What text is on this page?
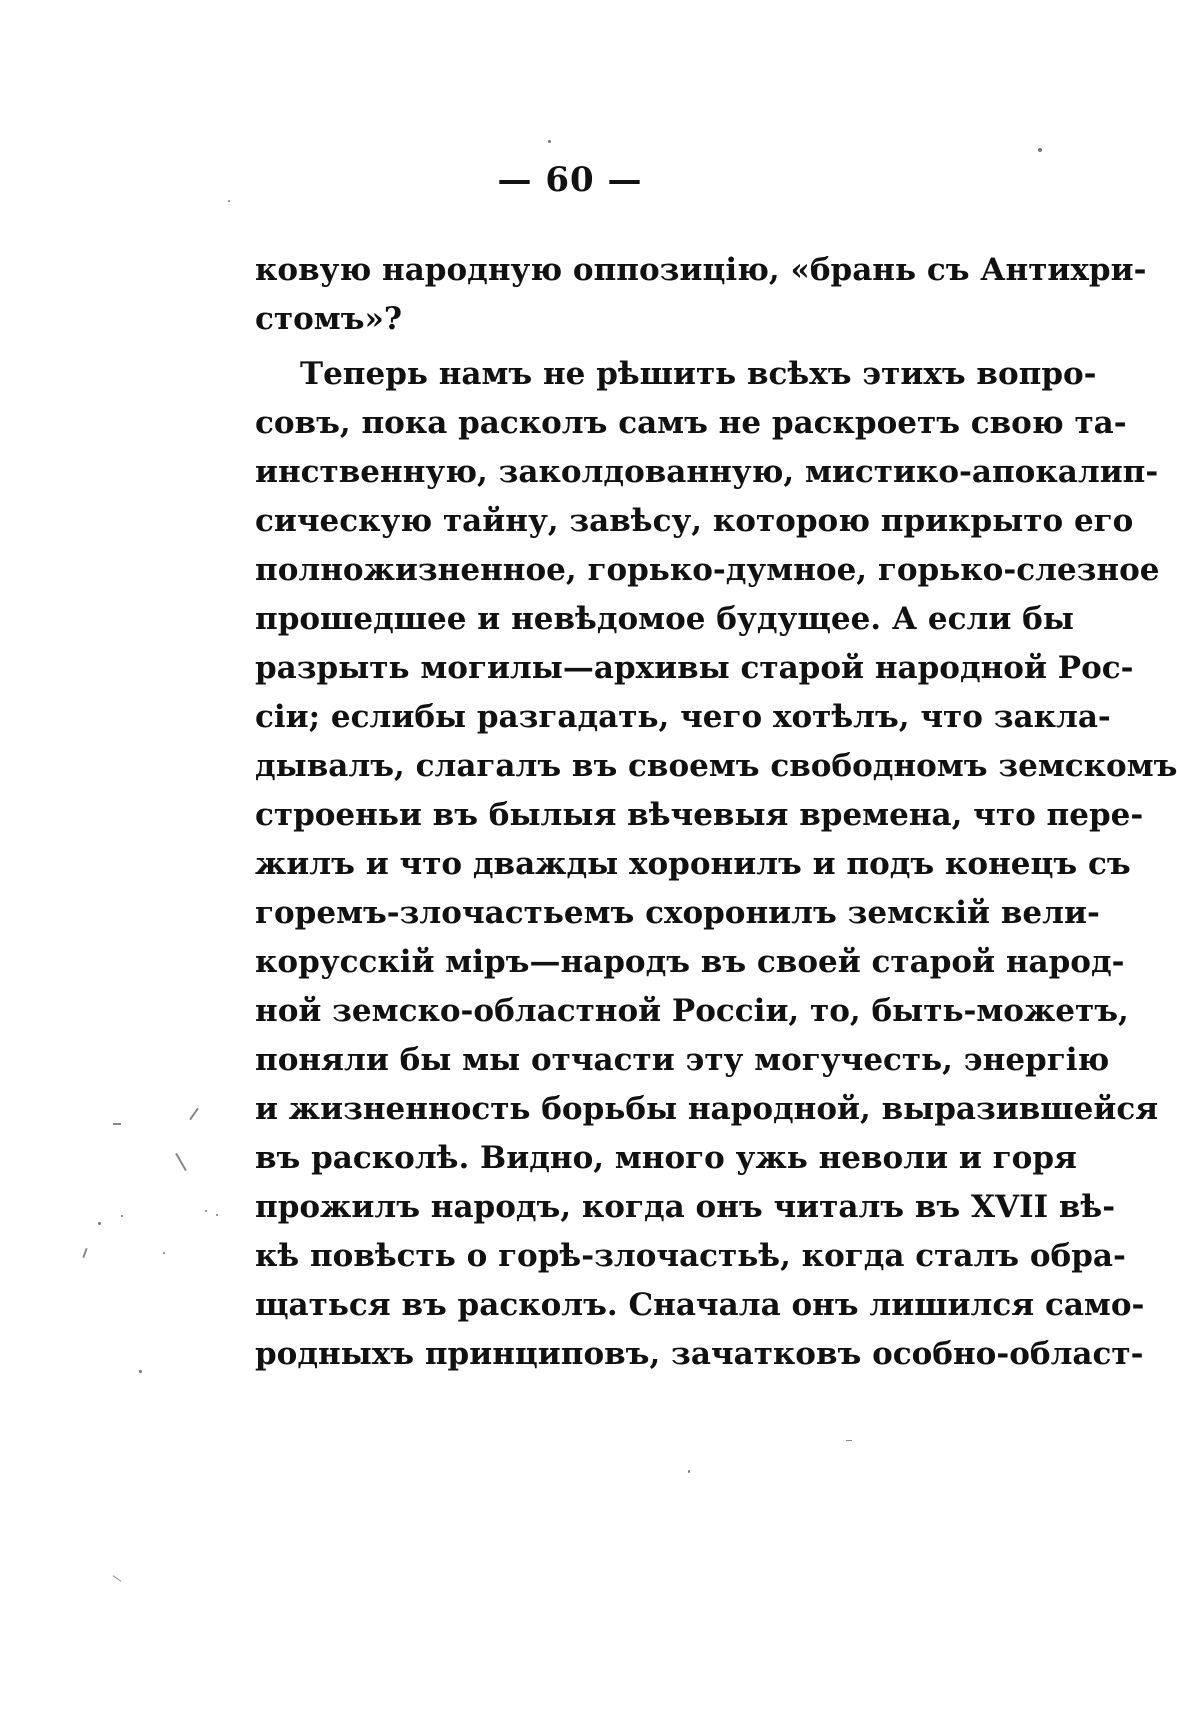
— 60 —
ковую народную оппозицію, «брань съ Антихри-
стомъ»?
Теперь намъ не рѣшить всѣхъ этихъ вопро-
совъ, пока расколъ самъ не раскроетъ свою та-
инственную, заколдованную, мистико-апокалип-
сическую тайну, завѣсу, которою прикрыто его
полножизненное, горько-думное, горько-слезное
прошедшее и невѣдомое будущее. А если бы
разрыть могилы—архивы старой народной Рос-
сіи; еслибы разгадать, чего хотѣлъ, что закла-
дывалъ, слагалъ въ своемъ свободномъ земскомъ
строеньи въ былыя вѣчевыя времена, что пере-
жилъ и что дважды хоронилъ и подъ конецъ съ
горемъ-злочастьемъ схоронилъ земскій вели-
корусскій міръ—народъ въ своей старой народ-
ной земско-областной Россіи, то, быть-можетъ,
поняли бы мы отчасти эту могучесть, энергію
и жизненность борьбы народной, выразившейся
въ расколѣ. Видно, много ужь неволи и горя
прожилъ народъ, когда онъ читалъ въ XVII вѣ-
кѣ повѣсть о горѣ-злочастьѣ, когда сталъ обра-
щаться въ расколъ. Сначала онъ лишился само-
родныхъ принциповъ, зачатковъ особно-област-
